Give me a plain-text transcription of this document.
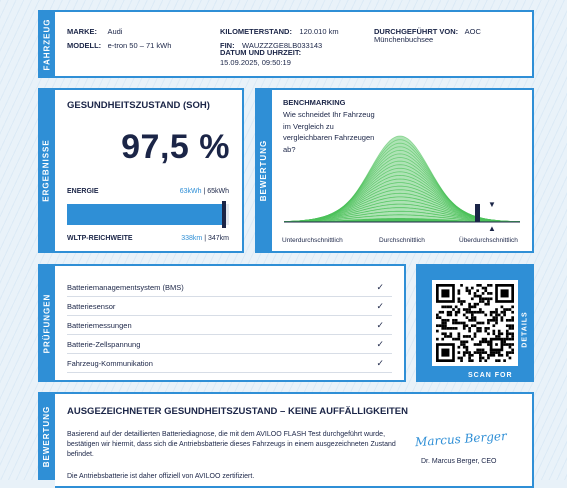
FAHRZEUG MARKE: Audi
MODELL: e-tron 50 – 71 kWh
KILOMETERSTAND: 120.010 km
FIN: WAUZZZGE8LB033143
DATUM UND UHRZEIT:
15.09.2025, 09:50:19
DURCHGEFÜHRT VON: AOC
Münchenbuchsee
ERGEBNISSE
GESUNDHEITSZUSTAND (SOH)
97,5 %
ENERGIE	63kWh | 65kWh
WLTP-REICHWEITE	338km | 347km
BEWERTUNG
BENCHMARKING
Wie schneidet Ihr Fahrzeug im Vergleich zu vergleichbaren Fahrzeugen ab?
▼
▲
Unterdurchschnittlich	Durchschnittlich	Überdurchschnittlich
PRÜFUNGEN
Batteriemanagementsystem (BMS)	✓
Batteriesensor	✓
Batteriemessungen	✓
Batterie-Zellspannung	✓
Fahrzeug-Kommunikation	✓
SCAN FOR
DETAILS
BEWERTUNG AUSGEZEICHNETER GESUNDHEITSZUSTAND – KEINE AUFFÄLLIGKEITEN
Basierend auf der detaillierten Batteriediagnose, die mit dem AVILOO FLASH Test durchgeführt wurde, bestätigen wir hiermit, dass sich die Antriebsbatterie dieses Fahrzeugs in einem ausgezeichneten Zustand befindet.
Die Antriebsbatterie ist daher offiziell von AVILOO zertifiziert.
Marcus Berger
Dr. Marcus Berger, CEO
